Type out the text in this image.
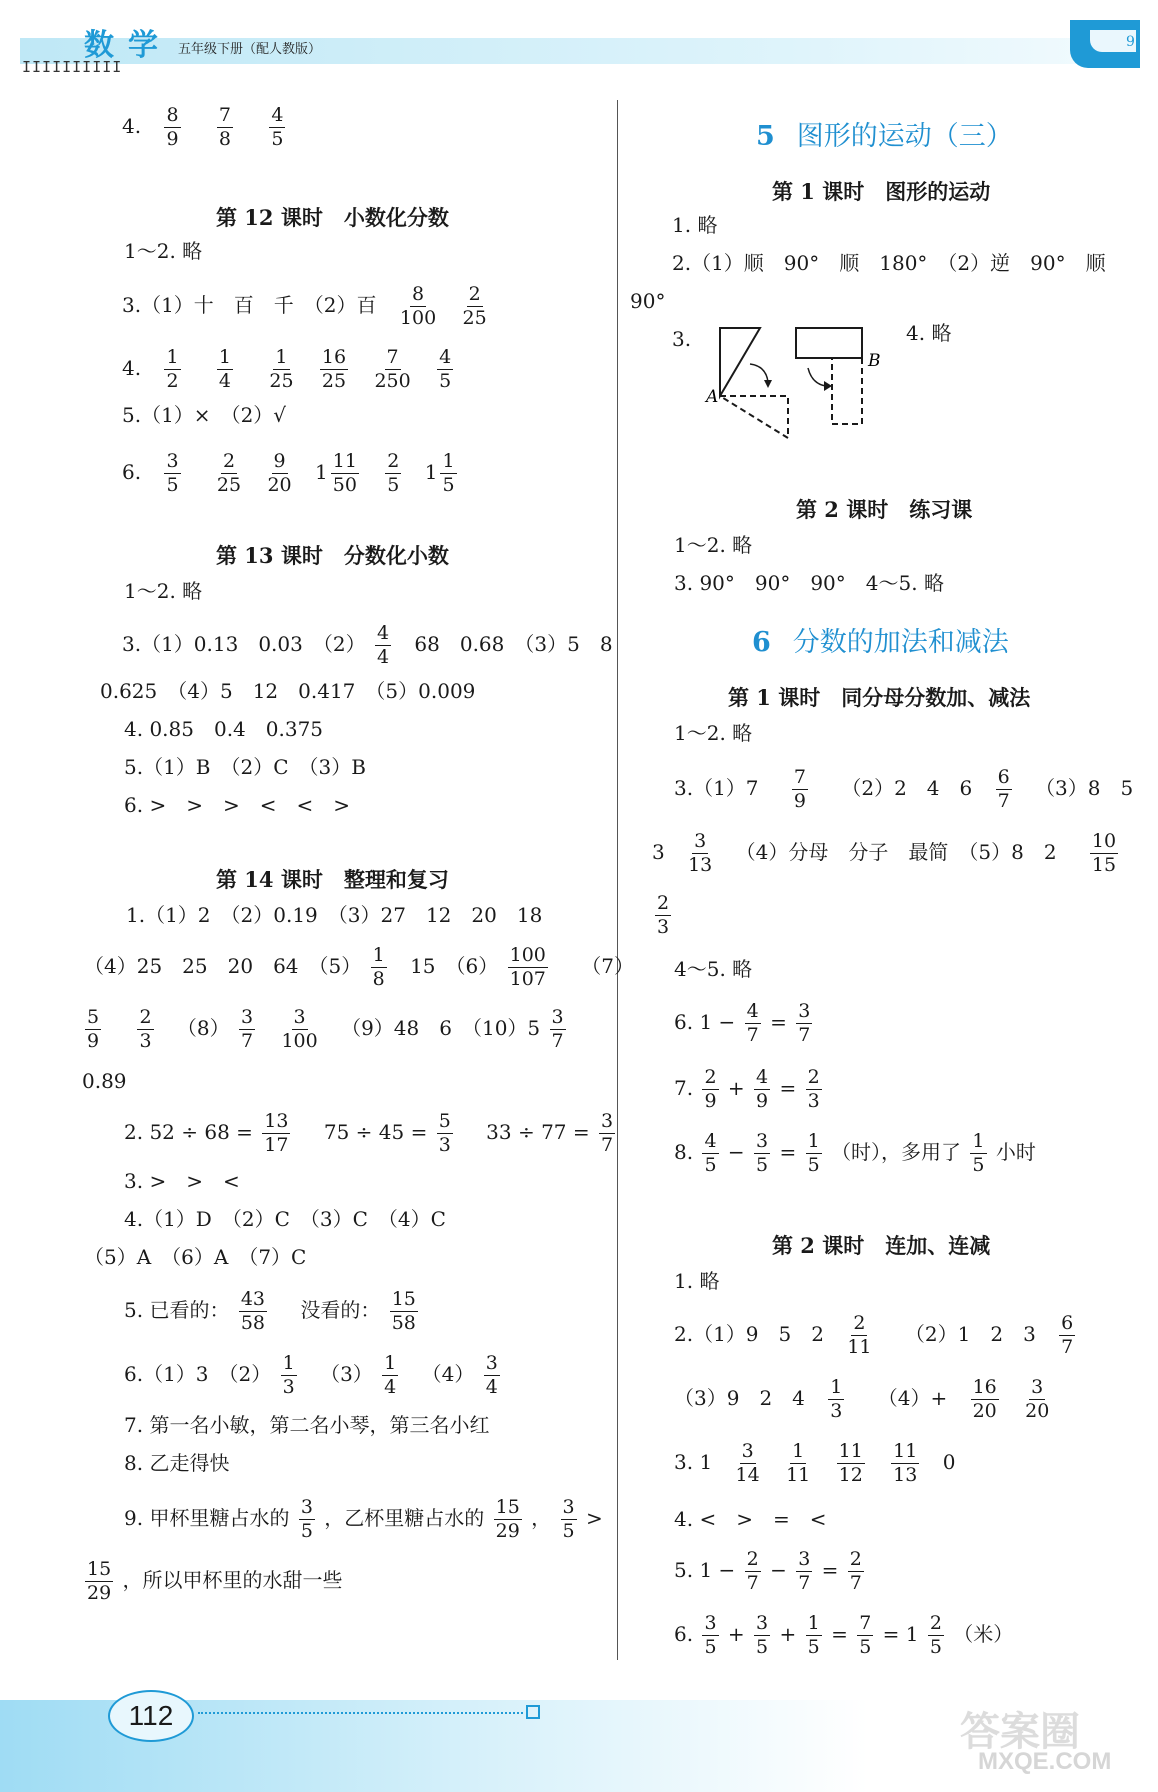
数学 五年级下册（配人教版）
IIIIIIIIII
9
4. $\frac{8}{9}$
$\frac{7}{8}$
$\frac{4}{5}$
第 12 课时　小数化分数
1～2. 略
3.（1）十　百　千　（2）百 $\frac{8}{100}$
$\frac{2}{25}$
4. $\frac{1}{2}$
$\frac{1}{4}$
$\frac{1}{25}$
$\frac{16}{25}$
$\frac{7}{250}$
$\frac{4}{5}$
5.（1）×　（2）√
6. $\frac{3}{5}$
$\frac{2}{25}$
$\frac{9}{20} 1 \frac{11}{50}$
$\frac{2}{5} 1 \frac{1}{5}$
第 13 课时　分数化小数
1～2. 略
3.（1）0.13　0.03　$(2) \frac{4}{4} 68$　0.68　（3）5　8
0.625　（4）5　12　0.417　（5）0.009
4. 0.85　0.4　0.375
5.（1）B　（2）C　（3）B
6. >　>　>　<　<　>
第 14 课时　整理和复习
1.（1）2　（2）0.19　（3）27　12　20　18
（4）25　25　20　64　$(5) \frac{1}{8} 15$　$(6) \frac{100}{107} (7)$
$\frac{5}{9}$
$\frac{2}{3} (8) \frac{3}{7}$
$\frac{3}{100} (9)48$　6　$(10)5 \frac{3}{7}$
0.89
2. $52 \div 68 = \frac{13}{17} 75 \div 45 = \frac{5}{3} 33 \div 77 = \frac{3}{7}$
3. >　>　<
4.（1）D　（2）C　（3）C　（4）C
（5）A　（6）A　（7）C
5. 已看的： $\frac{43}{58}$ 没看的： $\frac{15}{58}$
6.（1）3　$(2) \frac{1}{3} (3) \frac{1}{4} (4) \frac{3}{4}$
7. 第一名小敏，第二名小琴，第三名小红
8. 乙走得快
9. 甲杯里糖占水的 $\frac{3}{5}$ ，乙杯里糖占水的 $\frac{15}{29}$ ， $\frac{3}{5}$ >
$\frac{15}{29}$ ，所以甲杯里的水甜一些
5 图形的运动（三）
第 1 课时　图形的运动
1. 略
2.（1）顺　90°　顺　180°　（2）逆　90°　顺
90°
3.
A
B
4. 略
第 2 课时　练习课
1～2. 略
3. 90°　90°　90°　4～5. 略
6 分数的加法和减法
第 1 课时　同分母分数加、减法
1～2. 略
$3.(1)7 \frac{7}{9} (2)2$　4　$6 \frac{6}{7} (3)8$　5
$3 \frac{3}{13} (4)$分母　分子　最简　（5）8　$2 \frac{10}{15}$
$\frac{2}{3}$
4～5. 略
6. $1 - \frac{4}{7} = \frac{3}{7}$
7. $\frac{2}{9} + \frac{4}{9} = \frac{2}{3}$
8. $\frac{4}{5} - \frac{3}{5} = \frac{1}{5}$ （时），多用了 $\frac{1}{5}$ 小时
第 2 课时　连加、连减
1. 略
2.（1）9　5　$2 \frac{2}{11} (2)1$　2　$3 \frac{6}{7}$
（3）9　2　$4 \frac{1}{3} (4)+ \frac{16}{20}$
$\frac{3}{20}$
3. $1 \frac{3}{14}$
$\frac{1}{11}$
$\frac{11}{12}$
$\frac{11}{13} 0$
4. <　>　=　<
5. $1 - \frac{2}{7} - \frac{3}{7} = \frac{2}{7}$
6. $\frac{3}{5} + \frac{3}{5} + \frac{1}{5} = \frac{7}{5} = 1 \frac{2}{5}$ （米）
112	答案圈
MXQE.COM
